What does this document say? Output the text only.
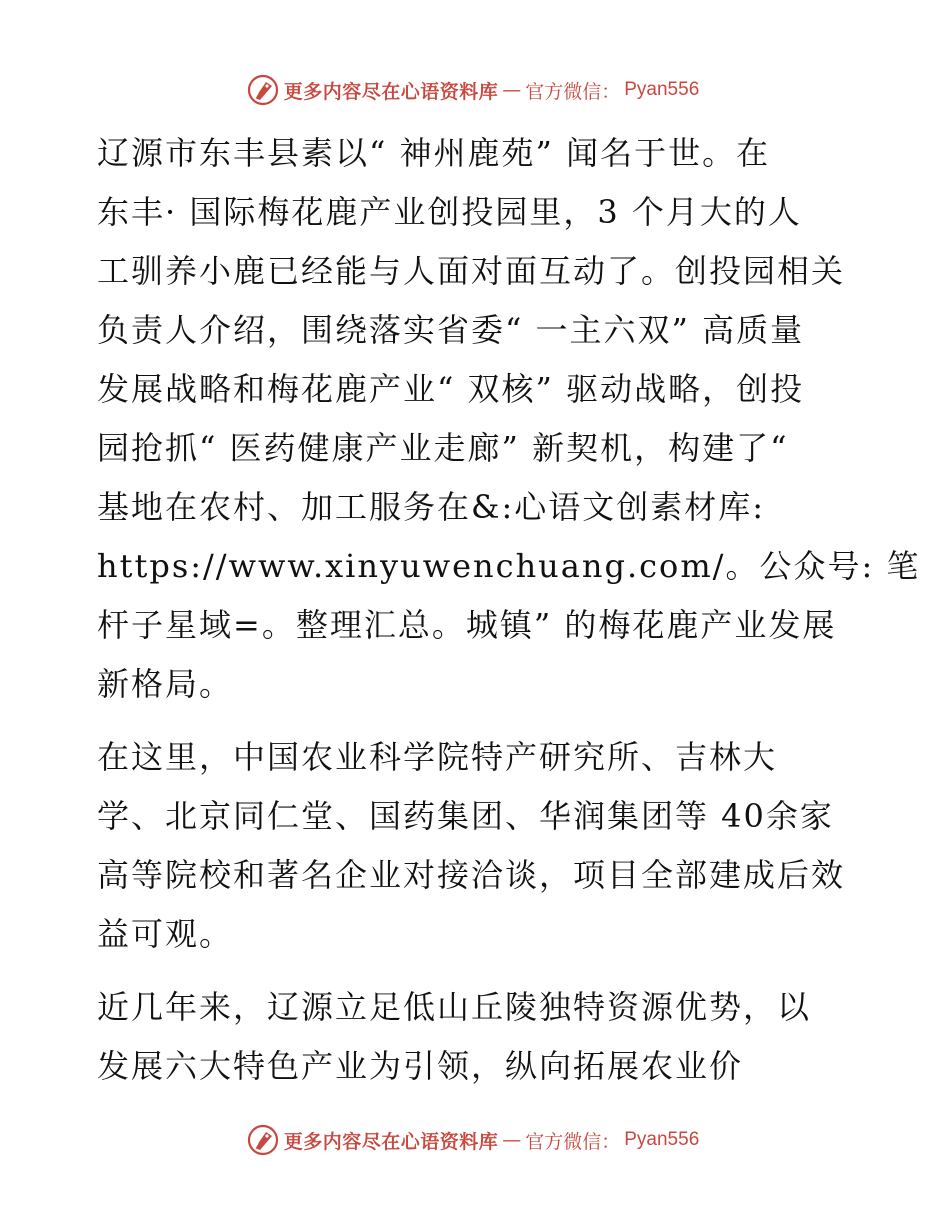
更多内容尽在心语资料库 — 官方微信： Pyan556
辽源市东丰县素以“ 神州鹿苑” 闻名于世。在
东丰· 国际梅花鹿产业创投园里，3 个月大的人
工驯养小鹿已经能与人面对面互动了。创投园相关
负责人介绍，围绕落实省委“ 一主六双” 高质量
发展战略和梅花鹿产业“ 双核” 驱动战略，创投
园抢抓“ 医药健康产业走廊” 新契机，构建了“
基地在农村、加工服务在&:心语文创素材库:
https://www.xinyuwenchuang.com/。公众号: 笔
杆子星域=。整理汇总。城镇” 的梅花鹿产业发展
新格局。
在这里，中国农业科学院特产研究所、吉林大
学、北京同仁堂、国药集团、华润集团等 40余家
高等院校和著名企业对接洽谈，项目全部建成后效
益可观。
近几年来，辽源立足低山丘陵独特资源优势，以
发展六大特色产业为引领，纵向拓展农业价
更多内容尽在心语资料库 — 官方微信： Pyan556
